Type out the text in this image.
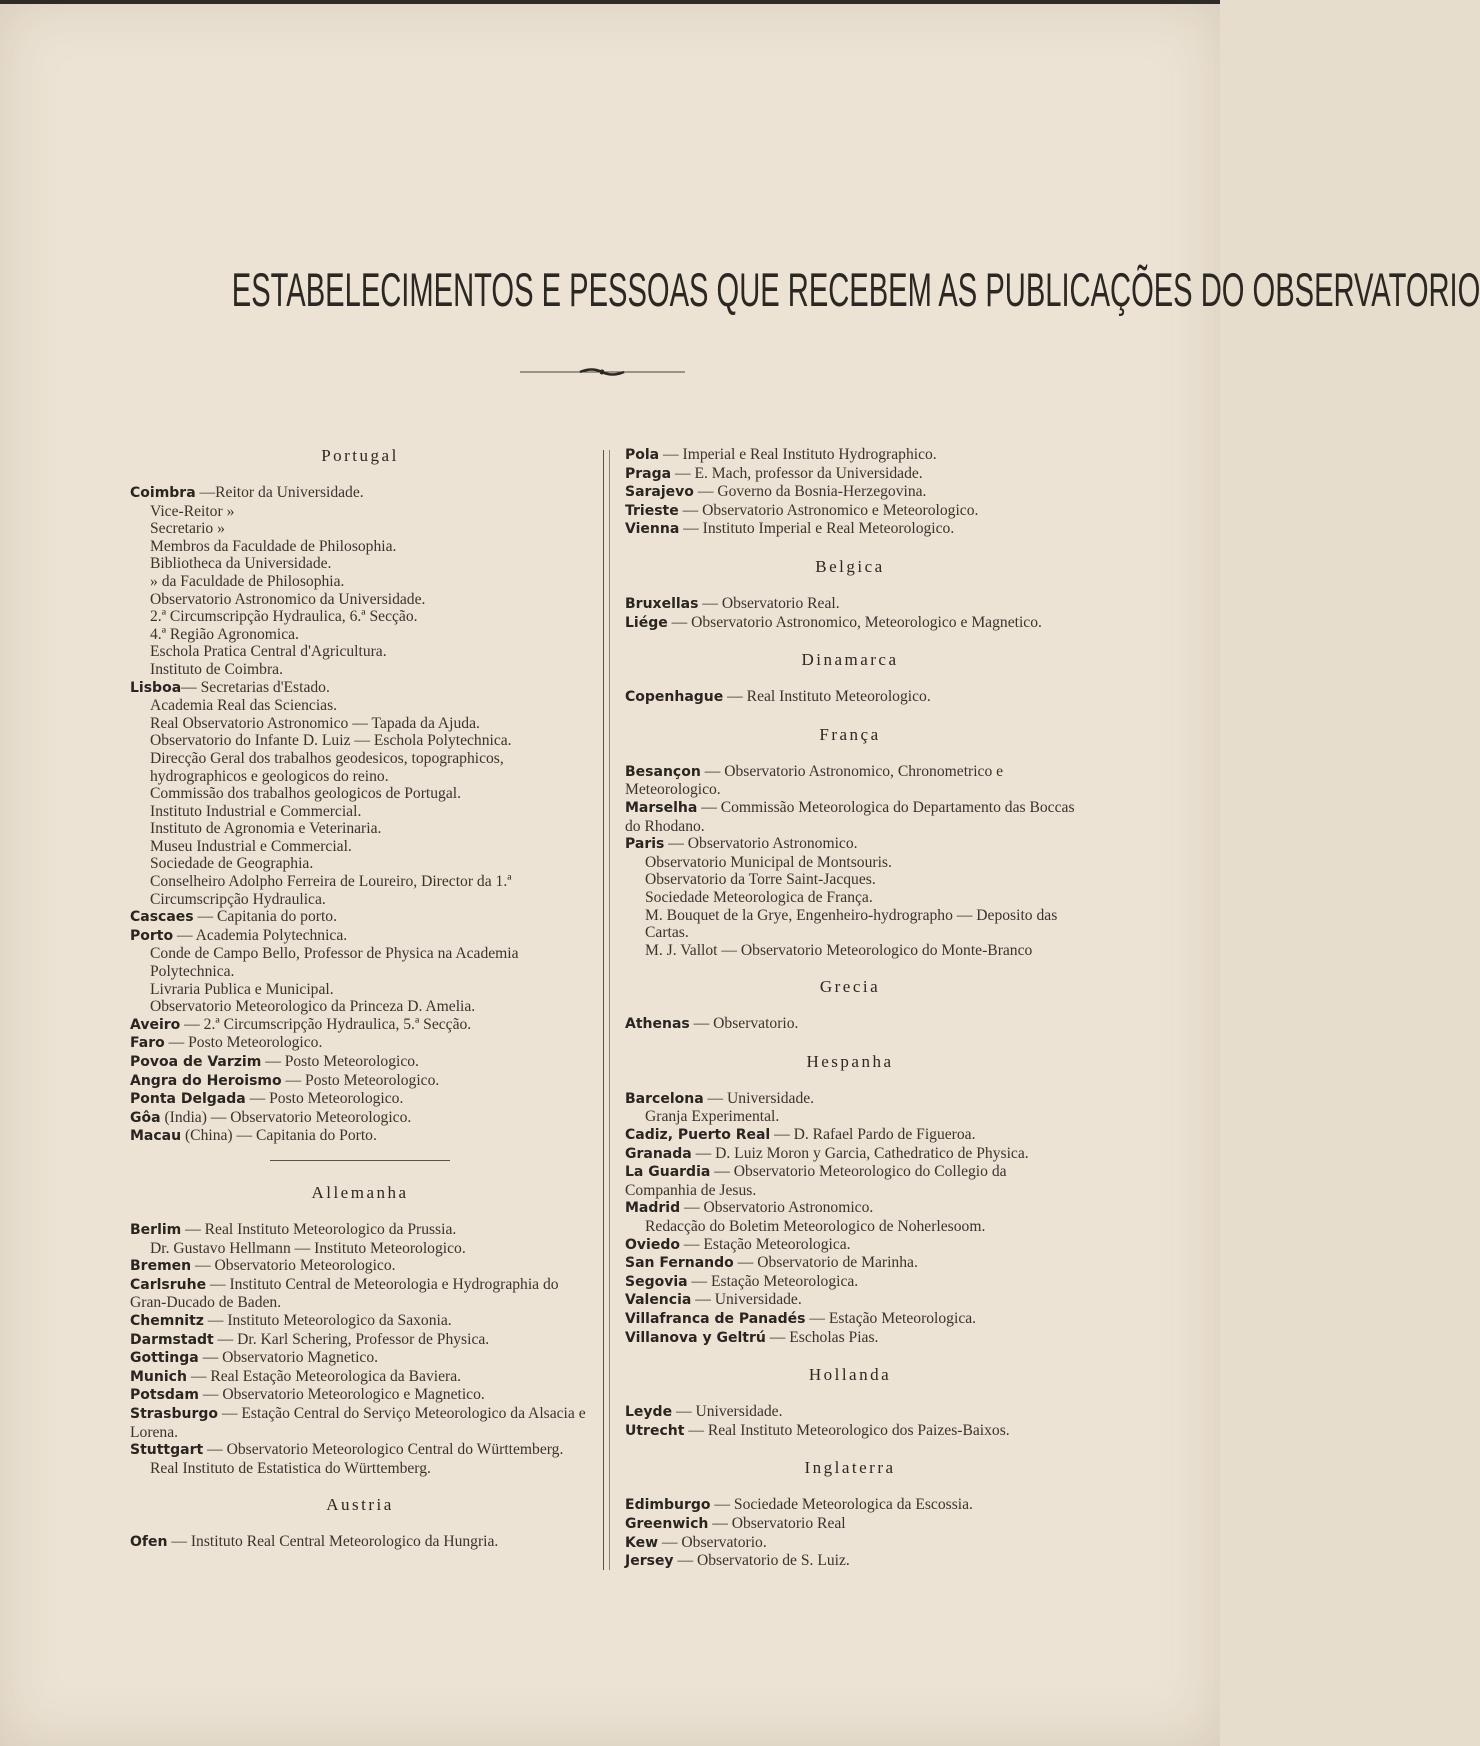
ESTABELECIMENTOS E PESSOAS QUE RECEBEM AS PUBLICAÇÕES DO OBSERVATORIO
Portugal
Coimbra —Reitor da Universidade.
Vice-Reitor »
Secretario »
Membros da Faculdade de Philosophia.
Bibliotheca da Universidade.
» da Faculdade de Philosophia.
Observatorio Astronomico da Universidade.
2.ª Circumscripção Hydraulica, 6.ª Secção.
4.ª Região Agronomica.
Eschola Pratica Central d'Agricultura.
Instituto de Coimbra.
Lisboa— Secretarias d'Estado.
Academia Real das Sciencias.
Real Observatorio Astronomico — Tapada da Ajuda.
Observatorio do Infante D. Luiz — Eschola Polytechnica.
Direcção Geral dos trabalhos geodesicos, topographicos, hydrographicos e geologicos do reino.
Commissão dos trabalhos geologicos de Portugal.
Instituto Industrial e Commercial.
Instituto de Agronomia e Veterinaria.
Museu Industrial e Commercial.
Sociedade de Geographia.
Conselheiro Adolpho Ferreira de Loureiro, Director da 1.ª Circumscripção Hydraulica.
Cascaes — Capitania do porto.
Porto — Academia Polytechnica.
Conde de Campo Bello, Professor de Physica na Academia Polytechnica.
Livraria Publica e Municipal.
Observatorio Meteorologico da Princeza D. Amelia.
Aveiro — 2.ª Circumscripção Hydraulica, 5.ª Secção.
Faro — Posto Meteorologico.
Povoa de Varzim — Posto Meteorologico.
Angra do Heroismo — Posto Meteorologico.
Ponta Delgada — Posto Meteorologico.
Gôa (India) — Observatorio Meteorologico.
Macau (China) — Capitania do Porto.
Allemanha
Berlim — Real Instituto Meteorologico da Prussia.
Dr. Gustavo Hellmann — Instituto Meteorologico.
Bremen — Observatorio Meteorologico.
Carlsruhe — Instituto Central de Meteorologia e Hydrographia do Gran-Ducado de Baden.
Chemnitz — Instituto Meteorologico da Saxonia.
Darmstadt — Dr. Karl Schering, Professor de Physica.
Gottinga — Observatorio Magnetico.
Munich — Real Estação Meteorologica da Baviera.
Potsdam — Observatorio Meteorologico e Magnetico.
Strasburgo — Estação Central do Serviço Meteorologico da Alsacia e Lorena.
Stuttgart — Observatorio Meteorologico Central do Württemberg.
Real Instituto de Estatistica do Württemberg.
Austria
Ofen — Instituto Real Central Meteorologico da Hungria.
Pola — Imperial e Real Instituto Hydrographico.
Praga — E. Mach, professor da Universidade.
Sarajevo — Governo da Bosnia-Herzegovina.
Trieste — Observatorio Astronomico e Meteorologico.
Vienna — Instituto Imperial e Real Meteorologico.
Belgica
Bruxellas — Observatorio Real.
Liége — Observatorio Astronomico, Meteorologico e Magnetico.
Dinamarca
Copenhague — Real Instituto Meteorologico.
França
Besançon — Observatorio Astronomico, Chronometrico e Meteorologico.
Marselha — Commissão Meteorologica do Departamento das Boccas do Rhodano.
Paris — Observatorio Astronomico.
Observatorio Municipal de Montsouris.
Observatorio da Torre Saint-Jacques.
Sociedade Meteorologica de França.
M. Bouquet de la Grye, Engenheiro-hydrographo — Deposito das Cartas.
M. J. Vallot — Observatorio Meteorologico do Monte-Branco
Grecia
Athenas — Observatorio.
Hespanha
Barcelona — Universidade.
Granja Experimental.
Cadiz, Puerto Real — D. Rafael Pardo de Figueroa.
Granada — D. Luiz Moron y Garcia, Cathedratico de Physica.
La Guardia — Observatorio Meteorologico do Collegio da Companhia de Jesus.
Madrid — Observatorio Astronomico.
Redacção do Boletim Meteorologico de Noherlesoom.
Oviedo — Estação Meteorologica.
San Fernando — Observatorio de Marinha.
Segovia — Estação Meteorologica.
Valencia — Universidade.
Villafranca de Panadés — Estação Meteorologica.
Villanova y Geltrú — Escholas Pias.
Hollanda
Leyde — Universidade.
Utrecht — Real Instituto Meteorologico dos Paizes-Baixos.
Inglaterra
Edimburgo — Sociedade Meteorologica da Escossia.
Greenwich — Observatorio Real
Kew — Observatorio.
Jersey — Observatorio de S. Luiz.
